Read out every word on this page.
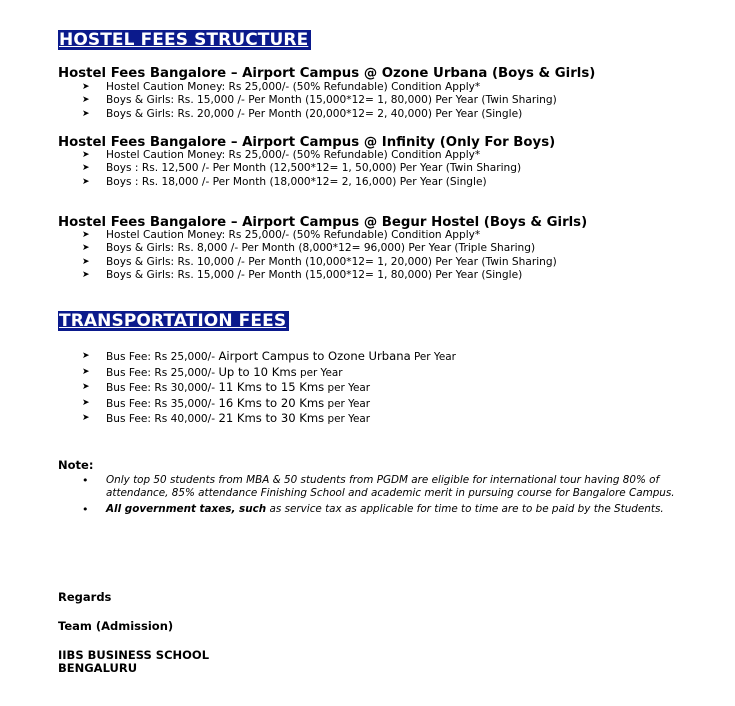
HOSTEL FEES STRUCTURE
Hostel Fees Bangalore – Airport Campus @ Ozone Urbana (Boys & Girls)
➤ Hostel Caution Money: Rs 25,000/- (50% Refundable) Condition Apply*
➤ Boys & Girls: Rs. 15,000 /- Per Month (15,000*12= 1, 80,000) Per Year (Twin Sharing)
➤ Boys & Girls: Rs. 20,000 /- Per Month (20,000*12= 2, 40,000) Per Year (Single)
Hostel Fees Bangalore – Airport Campus @ Infinity (Only For Boys)
➤ Hostel Caution Money: Rs 25,000/- (50% Refundable) Condition Apply*
➤ Boys : Rs. 12,500 /- Per Month (12,500*12= 1, 50,000) Per Year (Twin Sharing)
➤ Boys : Rs. 18,000 /- Per Month (18,000*12= 2, 16,000) Per Year (Single)
Hostel Fees Bangalore – Airport Campus @ Begur Hostel (Boys & Girls)
➤ Hostel Caution Money: Rs 25,000/- (50% Refundable) Condition Apply*
➤ Boys & Girls: Rs. 8,000 /- Per Month (8,000*12= 96,000) Per Year (Triple Sharing)
➤ Boys & Girls: Rs. 10,000 /- Per Month (10,000*12= 1, 20,000) Per Year (Twin Sharing)
➤ Boys & Girls: Rs. 15,000 /- Per Month (15,000*12= 1, 80,000) Per Year (Single)
TRANSPORTATION FEES
➤ Bus Fee: Rs 25,000/- Airport Campus to Ozone Urbana Per Year
➤ Bus Fee: Rs 25,000/- Up to 10 Kms per Year
➤ Bus Fee: Rs 30,000/- 11 Kms to 15 Kms per Year
➤ Bus Fee: Rs 35,000/- 16 Kms to 20 Kms per Year
➤ Bus Fee: Rs 40,000/- 21 Kms to 30 Kms per Year
Note:
• Only top 50 students from MBA & 50 students from PGDM are eligible for international tour having 80% of attendance, 85% attendance Finishing School and academic merit in pursuing course for Bangalore Campus.
• All government taxes, such as service tax as applicable for time to time are to be paid by the Students.
Regards
Team (Admission)
IIBS BUSINESS SCHOOL
BENGALURU
